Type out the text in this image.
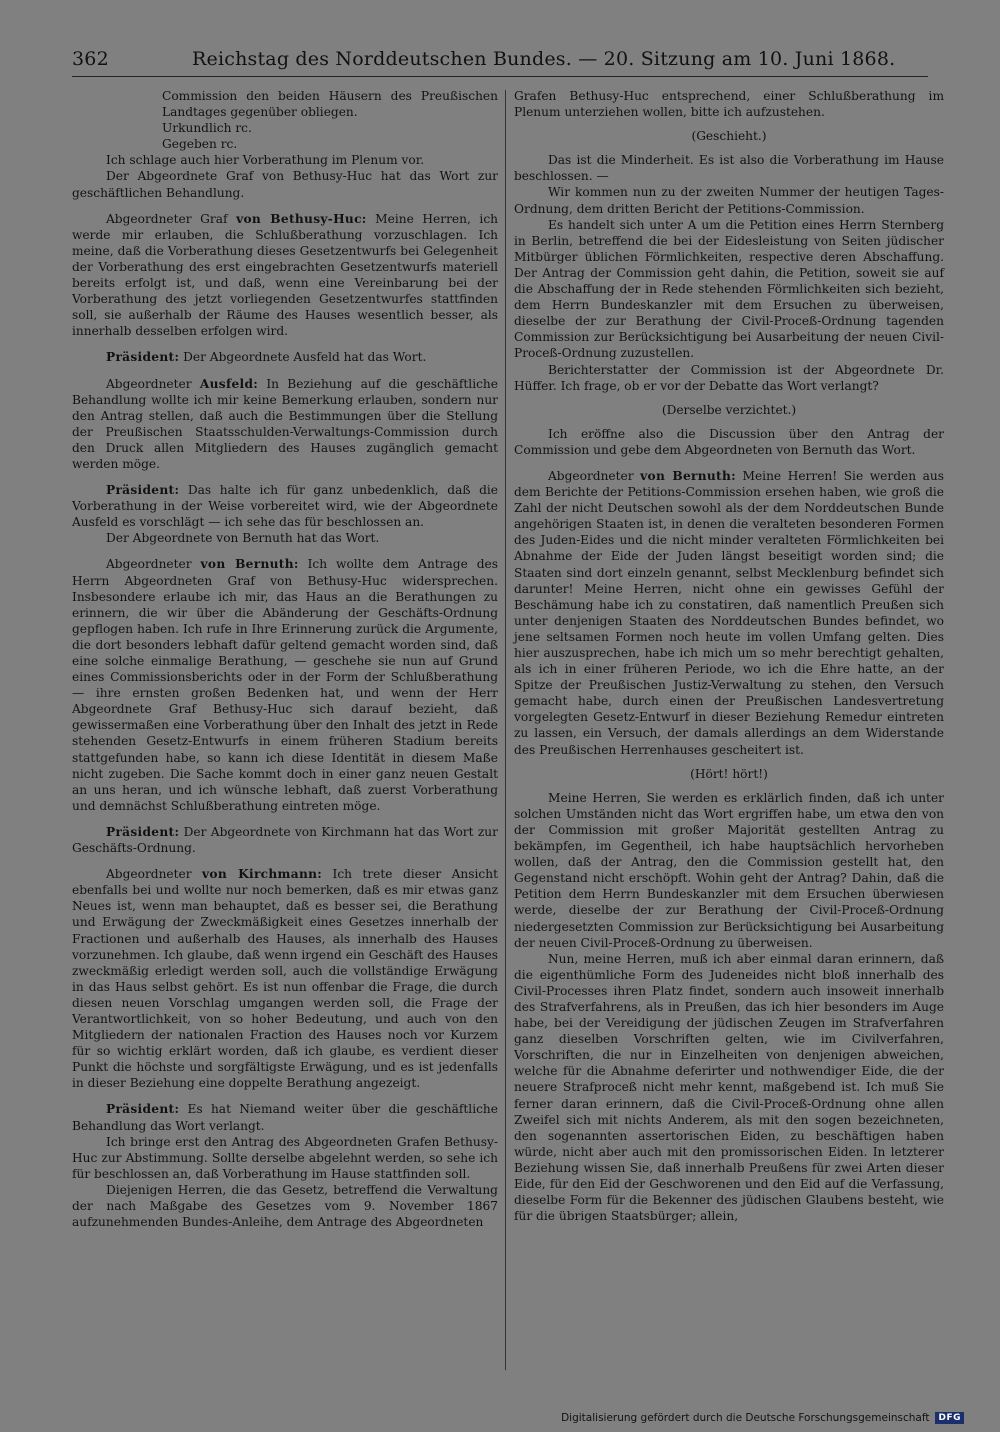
362	Reichstag des Norddeutschen Bundes. — 20. Sitzung am 10. Juni 1868.

Commission den beiden Häusern des Preußischen Landtages gegenüber obliegen.

Urkundlich rc.

Gegeben rc.

Ich schlage auch hier Vorberathung im Plenum vor.

Der Abgeordnete Graf von Bethusy-Huc hat das Wort zur geschäftlichen Behandlung.

Abgeordneter Graf von Bethusy-Huc: Meine Herren, ich werde mir erlauben, die Schlußberathung vorzuschlagen. Ich meine, daß die Vorberathung dieses Gesetzentwurfs bei Gelegenheit der Vorberathung des erst eingebrachten Gesetzentwurfs materiell bereits erfolgt ist, und daß, wenn eine Vereinbarung bei der Vorberathung des jetzt vorliegenden Gesetzentwurfes stattfinden soll, sie außerhalb der Räume des Hauses wesentlich besser, als innerhalb desselben erfolgen wird.

Präsident: Der Abgeordnete Ausfeld hat das Wort.

Abgeordneter Ausfeld: In Beziehung auf die geschäftliche Behandlung wollte ich mir keine Bemerkung erlauben, sondern nur den Antrag stellen, daß auch die Bestimmungen über die Stellung der Preußischen Staatsschulden-Verwaltungs-Commission durch den Druck allen Mitgliedern des Hauses zugänglich gemacht werden möge.

Präsident: Das halte ich für ganz unbedenklich, daß die Vorberathung in der Weise vorbereitet wird, wie der Abgeordnete Ausfeld es vorschlägt — ich sehe das für beschlossen an.

Der Abgeordnete von Bernuth hat das Wort.

Abgeordneter von Bernuth: Ich wollte dem Antrage des Herrn Abgeordneten Graf von Bethusy-Huc widersprechen. Insbesondere erlaube ich mir, das Haus an die Berathungen zu erinnern, die wir über die Abänderung der Geschäfts-Ordnung gepflogen haben. Ich rufe in Ihre Erinnerung zurück die Argumente, die dort besonders lebhaft dafür geltend gemacht worden sind, daß eine solche einmalige Berathung, — geschehe sie nun auf Grund eines Commissionsberichts oder in der Form der Schlußberathung — ihre ernsten großen Bedenken hat, und wenn der Herr Abgeordnete Graf Bethusy-Huc sich darauf bezieht, daß gewissermaßen eine Vorberathung über den Inhalt des jetzt in Rede stehenden Gesetz-Entwurfs in einem früheren Stadium bereits stattgefunden habe, so kann ich diese Identität in diesem Maße nicht zugeben. Die Sache kommt doch in einer ganz neuen Gestalt an uns heran, und ich wünsche lebhaft, daß zuerst Vorberathung und demnächst Schlußberathung eintreten möge.

Präsident: Der Abgeordnete von Kirchmann hat das Wort zur Geschäfts-Ordnung.

Abgeordneter von Kirchmann: Ich trete dieser Ansicht ebenfalls bei und wollte nur noch bemerken, daß es mir etwas ganz Neues ist, wenn man behauptet, daß es besser sei, die Berathung und Erwägung der Zweckmäßigkeit eines Gesetzes innerhalb der Fractionen und außerhalb des Hauses, als innerhalb des Hauses vorzunehmen. Ich glaube, daß wenn irgend ein Geschäft des Hauses zweckmäßig erledigt werden soll, auch die vollständige Erwägung in das Haus selbst gehört. Es ist nun offenbar die Frage, die durch diesen neuen Vorschlag umgangen werden soll, die Frage der Verantwortlichkeit, von so hoher Bedeutung, und auch von den Mitgliedern der nationalen Fraction des Hauses noch vor Kurzem für so wichtig erklärt worden, daß ich glaube, es verdient dieser Punkt die höchste und sorgfältigste Erwägung, und es ist jedenfalls in dieser Beziehung eine doppelte Berathung angezeigt.

Präsident: Es hat Niemand weiter über die geschäftliche Behandlung das Wort verlangt.

Ich bringe erst den Antrag des Abgeordneten Grafen Bethusy-Huc zur Abstimmung. Sollte derselbe abgelehnt werden, so sehe ich für beschlossen an, daß Vorberathung im Hause stattfinden soll.

Diejenigen Herren, die das Gesetz, betreffend die Verwaltung der nach Maßgabe des Gesetzes vom 9. November 1867 aufzunehmenden Bundes-Anleihe, dem Antrage des Abgeordneten

Grafen Bethusy-Huc entsprechend, einer Schlußberathung im Plenum unterziehen wollen, bitte ich aufzustehen.

(Geschieht.)

Das ist die Minderheit. Es ist also die Vorberathung im Hause beschlossen. —

Wir kommen nun zu der zweiten Nummer der heutigen Tages-Ordnung, dem dritten Bericht der Petitions-Commission.

Es handelt sich unter A um die Petition eines Herrn Sternberg in Berlin, betreffend die bei der Eidesleistung von Seiten jüdischer Mitbürger üblichen Förmlichkeiten, respective deren Abschaffung. Der Antrag der Commission geht dahin, die Petition, soweit sie auf die Abschaffung der in Rede stehenden Förmlichkeiten sich bezieht, dem Herrn Bundeskanzler mit dem Ersuchen zu überweisen, dieselbe der zur Berathung der Civil-Proceß-Ordnung tagenden Commission zur Berücksichtigung bei Ausarbeitung der neuen Civil-Proceß-Ordnung zuzustellen.

Berichterstatter der Commission ist der Abgeordnete Dr. Hüffer. Ich frage, ob er vor der Debatte das Wort verlangt?

(Derselbe verzichtet.)

Ich eröffne also die Discussion über den Antrag der Commission und gebe dem Abgeordneten von Bernuth das Wort.

Abgeordneter von Bernuth: Meine Herren! Sie werden aus dem Berichte der Petitions-Commission ersehen haben, wie groß die Zahl der nicht Deutschen sowohl als der dem Norddeutschen Bunde angehörigen Staaten ist, in denen die veralteten besonderen Formen des Juden-Eides und die nicht minder veralteten Förmlichkeiten bei Abnahme der Eide der Juden längst beseitigt worden sind; die Staaten sind dort einzeln genannt, selbst Mecklenburg befindet sich darunter! Meine Herren, nicht ohne ein gewisses Gefühl der Beschämung habe ich zu constatiren, daß namentlich Preußen sich unter denjenigen Staaten des Norddeutschen Bundes befindet, wo jene seltsamen Formen noch heute im vollen Umfang gelten. Dies hier auszusprechen, habe ich mich um so mehr berechtigt gehalten, als ich in einer früheren Periode, wo ich die Ehre hatte, an der Spitze der Preußischen Justiz-Verwaltung zu stehen, den Versuch gemacht habe, durch einen der Preußischen Landesvertretung vorgelegten Gesetz-Entwurf in dieser Beziehung Remedur eintreten zu lassen, ein Versuch, der damals allerdings an dem Widerstande des Preußischen Herrenhauses gescheitert ist.

(Hört! hört!)

Meine Herren, Sie werden es erklärlich finden, daß ich unter solchen Umständen nicht das Wort ergriffen habe, um etwa den von der Commission mit großer Majorität gestellten Antrag zu bekämpfen, im Gegentheil, ich habe hauptsächlich hervorheben wollen, daß der Antrag, den die Commission gestellt hat, den Gegenstand nicht erschöpft. Wohin geht der Antrag? Dahin, daß die Petition dem Herrn Bundeskanzler mit dem Ersuchen überwiesen werde, dieselbe der zur Berathung der Civil-Proceß-Ordnung niedergesetzten Commission zur Berücksichtigung bei Ausarbeitung der neuen Civil-Proceß-Ordnung zu überweisen.

Nun, meine Herren, muß ich aber einmal daran erinnern, daß die eigenthümliche Form des Judeneides nicht bloß innerhalb des Civil-Processes ihren Platz findet, sondern auch insoweit innerhalb des Strafverfahrens, als in Preußen, das ich hier besonders im Auge habe, bei der Vereidigung der jüdischen Zeugen im Strafverfahren ganz dieselben Vorschriften gelten, wie im Civilverfahren, Vorschriften, die nur in Einzelheiten von denjenigen abweichen, welche für die Abnahme deferirter und nothwendiger Eide, die der neuere Strafproceß nicht mehr kennt, maßgebend ist. Ich muß Sie ferner daran erinnern, daß die Civil-Proceß-Ordnung ohne allen Zweifel sich mit nichts Anderem, als mit den sogen bezeichneten, den sogenannten assertorischen Eiden, zu beschäftigen haben würde, nicht aber auch mit den promissorischen Eiden. In letzterer Beziehung wissen Sie, daß innerhalb Preußens für zwei Arten dieser Eide, für den Eid der Geschworenen und den Eid auf die Verfassung, dieselbe Form für die Bekenner des jüdischen Glaubens besteht, wie für die übrigen Staatsbürger; allein,

Digitalisierung gefördert durch die Deutsche Forschungsgemeinschaft	DFG
